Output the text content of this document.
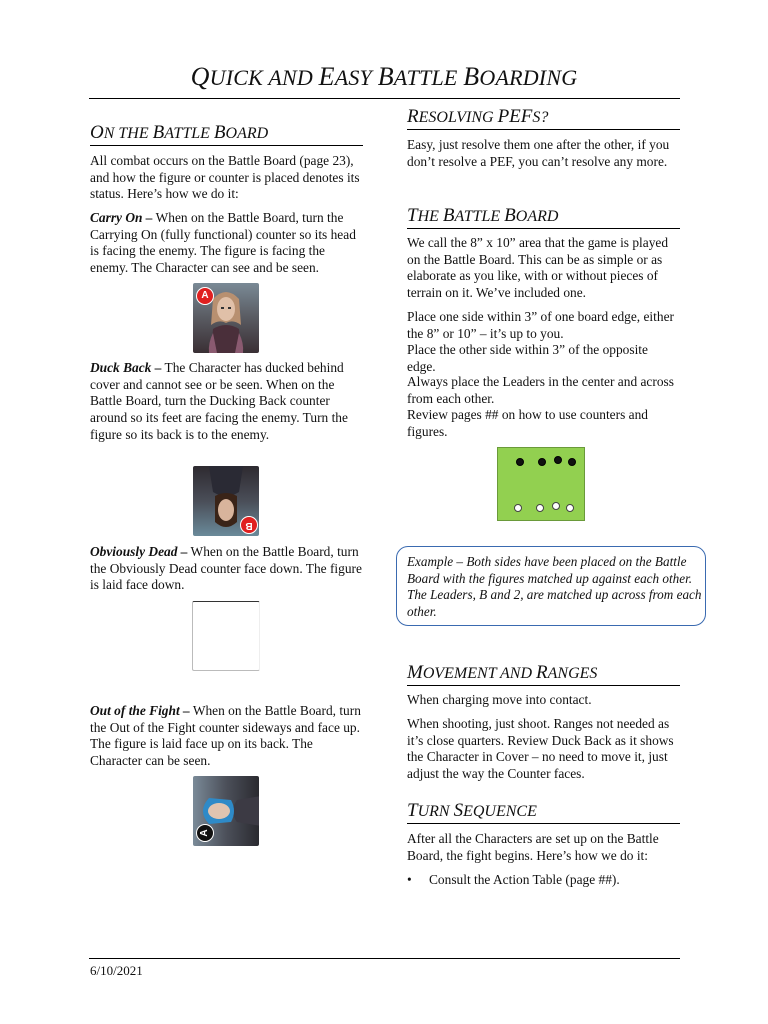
QUICK AND EASY BATTLE BOARDING
ON THE BATTLE BOARD
All combat occurs on the Battle Board (page 23), and how the figure or counter is placed denotes its status. Here’s how we do it:
Carry On – When on the Battle Board, turn the Carrying On (fully functional) counter so its head is facing the enemy. The figure is facing the enemy. The Character can see and be seen.
A
Duck Back – The Character has ducked behind cover and cannot see or be seen. When on the Battle Board, turn the Ducking Back counter around so its feet are facing the enemy. Turn the figure so its back is to the enemy.
B
Obviously Dead – When on the Battle Board, turn the Obviously Dead counter face down. The figure is laid face down.
Out of the Fight – When on the Battle Board, turn the Out of the Fight counter sideways and face up. The figure is laid face up on its back. The Character can be seen.
A
RESOLVING PEFS?
Easy, just resolve them one after the other, if you don’t resolve a PEF, you can’t resolve any more.
THE BATTLE BOARD
We call the 8” x 10” area that the game is played on the Battle Board. This can be as simple or as elaborate as you like, with or without pieces of terrain on it. We’ve included one.
Place one side within 3” of one board edge, either the 8” or 10” – it’s up to you.
Place the other side within 3” of the opposite edge.
Always place the Leaders in the center and across from each other.
Review pages ## on how to use counters and figures.
Example – Both sides have been placed on the Battle Board with the figures matched up against each other. The Leaders, B and 2, are matched up across from each other.
MOVEMENT AND RANGES
When charging move into contact.
When shooting, just shoot. Ranges not needed as it’s close quarters. Review Duck Back as it shows the Character in Cover – no need to move it, just adjust the way the Counter faces.
TURN SEQUENCE
After all the Characters are set up on the Battle Board, the fight begins. Here’s how we do it:
• Consult the Action Table (page ##).
6/10/2021
